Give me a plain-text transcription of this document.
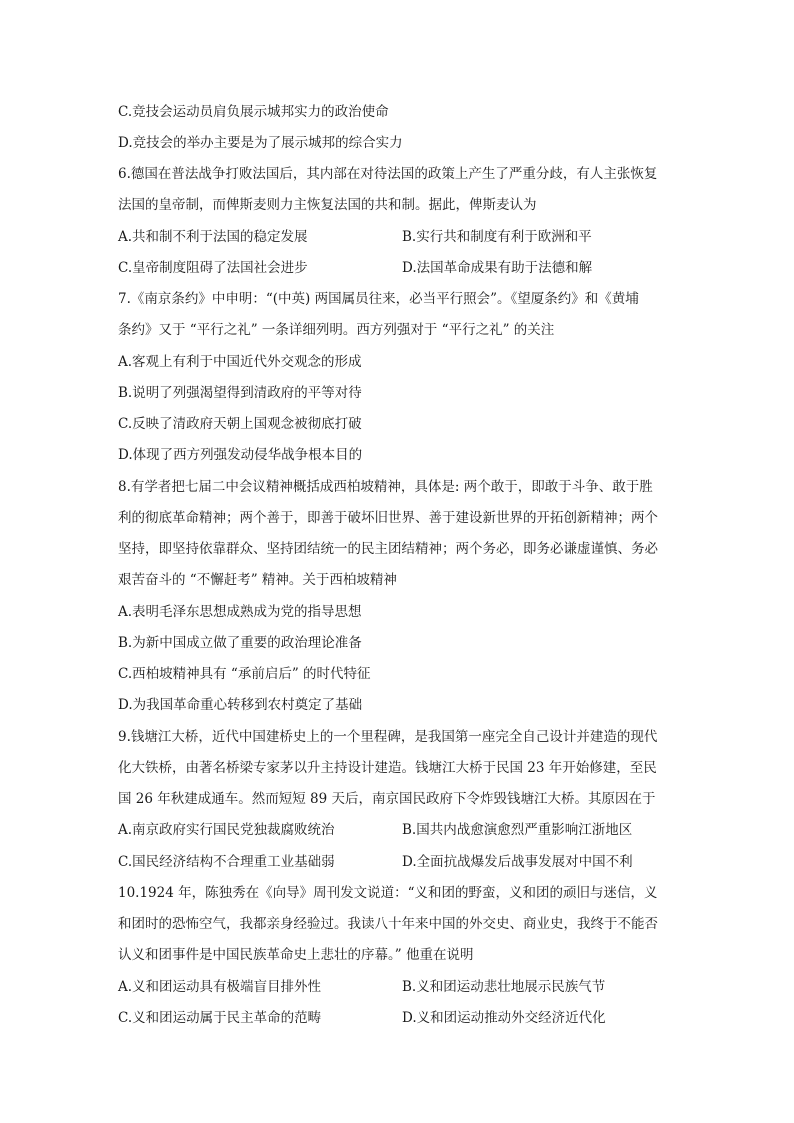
C.竞技会运动员肩负展示城邦实力的政治使命
D.竞技会的举办主要是为了展示城邦的综合实力
6.德国在普法战争打败法国后，其内部在对待法国的政策上产生了严重分歧，有人主张恢复
法国的皇帝制，而俾斯麦则力主恢复法国的共和制。据此，俾斯麦认为
A.共和制不利于法国的稳定发展	B.实行共和制度有利于欧洲和平
C.皇帝制度阻碍了法国社会进步	D.法国革命成果有助于法德和解
7.《南京条约》中申明：“(中英) 两国属员往来，必当平行照会”。《望厦条约》和《黄埔
条约》又于 “平行之礼” 一条详细列明。西方列强对于 “平行之礼” 的关注
A.客观上有利于中国近代外交观念的形成
B.说明了列强渴望得到清政府的平等对待
C.反映了清政府天朝上国观念被彻底打破
D.体现了西方列强发动侵华战争根本目的
8.有学者把七届二中会议精神概括成西柏坡精神，具体是: 两个敢于，即敢于斗争、敢于胜
利的彻底革命精神；两个善于，即善于破坏旧世界、善于建设新世界的开拓创新精神；两个
坚持，即坚持依靠群众、坚持团结统一的民主团结精神；两个务必，即务必谦虚谨慎、务必
艰苦奋斗的 “不懈赶考” 精神。关于西柏坡精神
A.表明毛泽东思想成熟成为党的指导思想
B.为新中国成立做了重要的政治理论准备
C.西柏坡精神具有 “承前启后” 的时代特征
D.为我国革命重心转移到农村奠定了基础
9.钱塘江大桥，近代中国建桥史上的一个里程碑，是我国第一座完全自己设计并建造的现代
化大铁桥，由著名桥梁专家茅以升主持设计建造。钱塘江大桥于民国 23 年开始修建，至民
国 26 年秋建成通车。然而短短 89 天后，南京国民政府下令炸毁钱塘江大桥。其原因在于
A.南京政府实行国民党独裁腐败统治	B.国共内战愈演愈烈严重影响江浙地区
C.国民经济结构不合理重工业基础弱	D.全面抗战爆发后战事发展对中国不利
10.1924 年，陈独秀在《向导》周刊发文说道：“义和团的野蛮，义和团的顽旧与迷信，义
和团时的恐怖空气，我都亲身经验过。我读八十年来中国的外交史、商业史，我终于不能否
认义和团事件是中国民族革命史上悲壮的序幕。” 他重在说明
A.义和团运动具有极端盲目排外性	B.义和团运动悲壮地展示民族气节
C.义和团运动属于民主革命的范畴	D.义和团运动推动外交经济近代化
